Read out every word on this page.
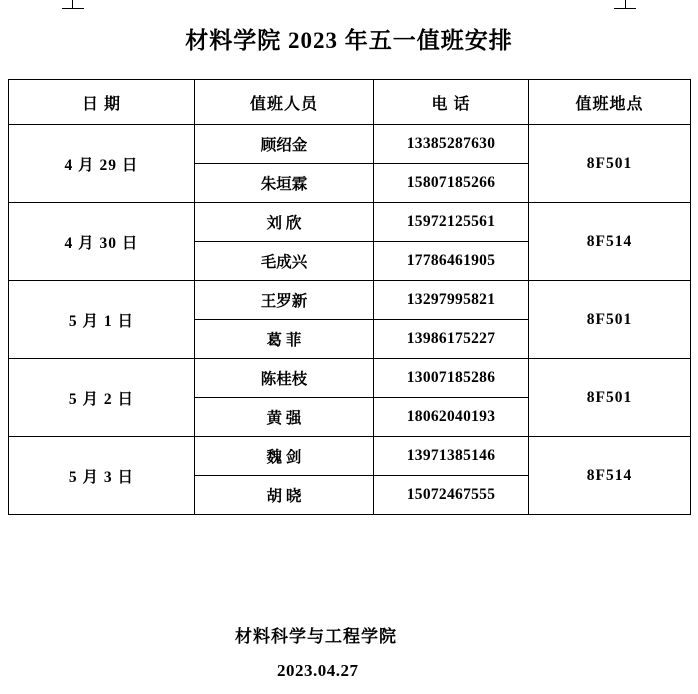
材料学院 2023 年五一值班安排
日 期	值班人员	电 话	值班地点
4 月 29 日	顾绍金	13385287630	8F501
	朱垣霖	15807185266	
4 月 30 日	刘 欣	15972125561	8F514
	毛成兴	17786461905	
5 月 1 日	王罗新	13297995821	8F501
	葛 菲	13986175227	
5 月 2 日	陈桂枝	13007185286	8F501
	黄 强	18062040193	
5 月 3 日	魏 剑	13971385146	8F514
	胡 晓	15072467555	
材料科学与工程学院
2023.04.27
